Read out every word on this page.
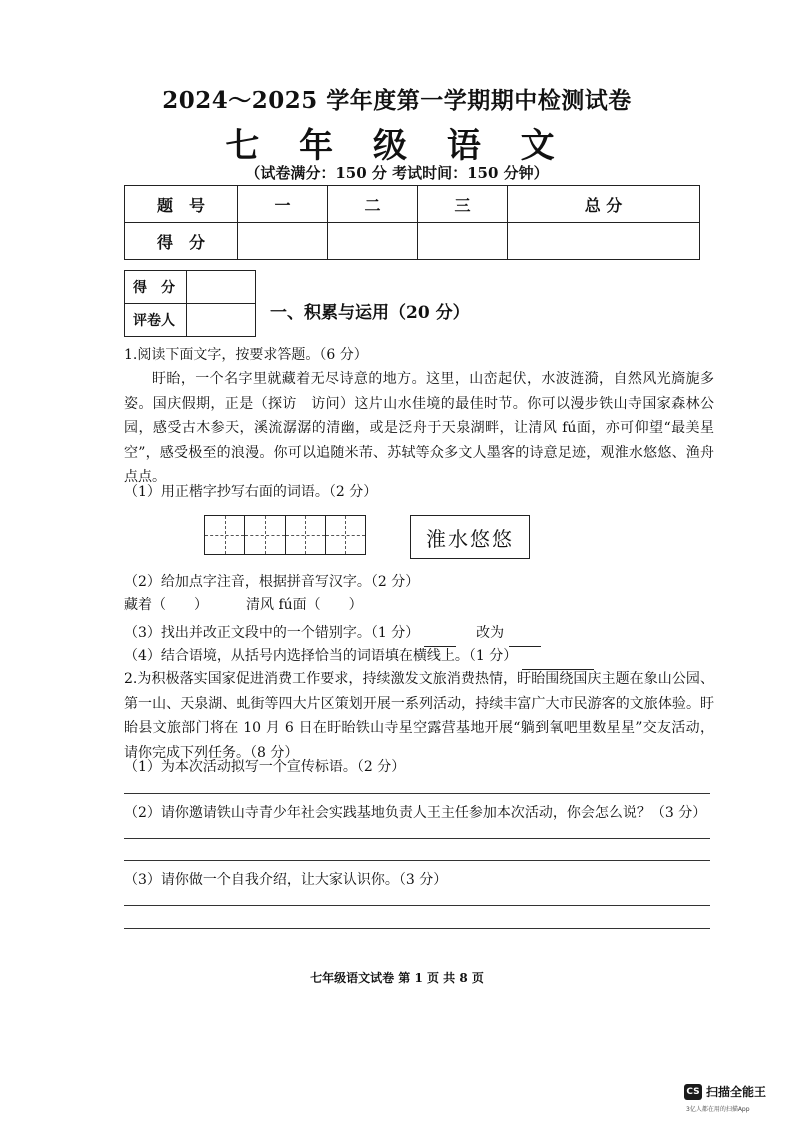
2024～2025 学年度第一学期期中检测试卷
七 年 级 语 文
（试卷满分：150 分 考试时间：150 分钟）
题　号	一	二	三	总 分
得　分				
得　分	
评卷人		一、积累与运用（20 分）
1.阅读下面文字，按要求答题。（6 分）
盱眙，一个名字里就藏着无尽诗意的地方。这里，山峦起伏，水波涟漪，自然风光旖旎多姿。国庆假期，正是（探访　访问）这片山水佳境的最佳时节。你可以漫步铁山寺国家森林公园，感受古木参天，溪流潺潺的清幽，或是泛舟于天泉湖畔，让清风 fú面，亦可仰望“最美星空”，感受极至的浪漫。你可以追随米芾、苏轼等众多文人墨客的诗意足迹，观淮水悠悠、渔舟点点。
（1）用正楷字抄写右面的词语。（2 分）
淮水悠悠
（2）给加点字注音，根据拼音写汉字。（2 分）
藏着（　　）	清风 fú面（　　）
（3）找出并改正文段中的一个错别字。（1 分）	改为
（4）结合语境，从括号内选择恰当的词语填在横线上。（1 分）
2.为积极落实国家促进消费工作要求，持续激发文旅消费热情，盱眙围绕国庆主题在象山公园、第一山、天泉湖、虬街等四大片区策划开展一系列活动，持续丰富广大市民游客的文旅体验。盱眙县文旅部门将在 10 月 6 日在盱眙铁山寺星空露营基地开展“躺到氧吧里数星星”交友活动，请你完成下列任务。（8 分）
（1）为本次活动拟写一个宣传标语。（2 分）
（2）请你邀请铁山寺青少年社会实践基地负责人王主任参加本次活动，你会怎么说？（3 分）
（3）请你做一个自我介绍，让大家认识你。（3 分）
七年级语文试卷 第 1 页 共 8 页
CS 扫描全能王
3亿人都在用的扫描App
